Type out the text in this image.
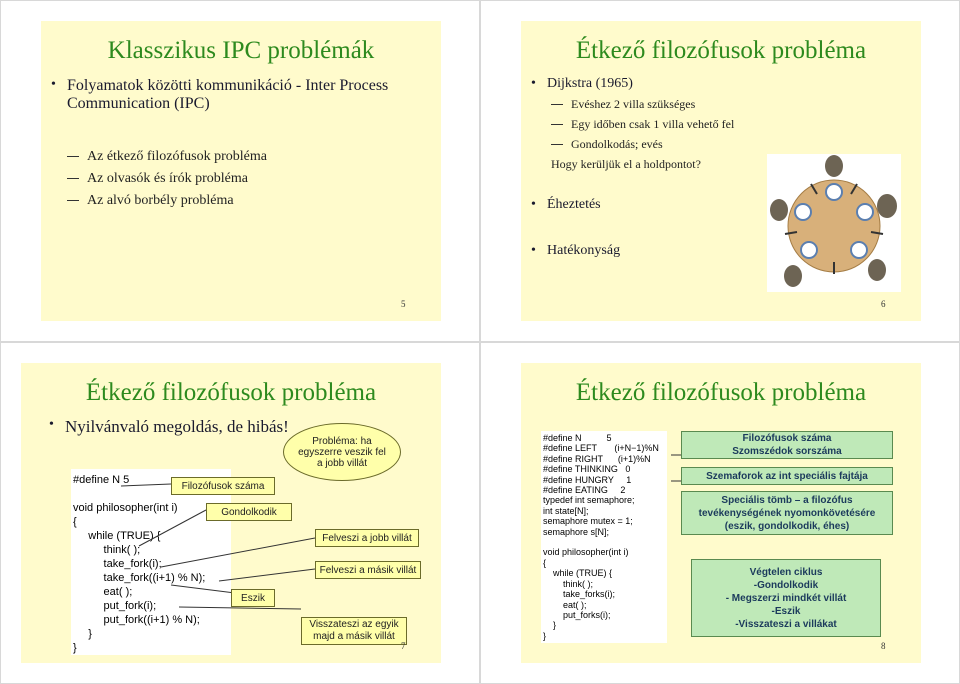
Klasszikus IPC problémák
• Folyamatok közötti kommunikáció - Inter Process Communication (IPC)
Az étkező filozófusok probléma
Az olvasók és írók probléma
Az alvó borbély probléma
5
Étkező filozófusok probléma
• Dijkstra (1965)
Evéshez 2 villa szükséges
Egy időben csak 1 villa vehető fel
Gondolkodás; evés
Hogy kerüljük el a holdpontot?
• Éheztetés
• Hatékonyság
6
Étkező filozófusok probléma
• Nyilvánvaló megoldás, de hibás!
#define N 5

void philosopher(int i)
{
while (TRUE)
think( );
take_fork(i);
take_fork((i+1) % N);
eat( );
put_fork(i);
put_fork((i+1) % N);
}
}
Filozófusok száma
Gondolkodik
Eszik
Probléma: ha egyszerre veszik fel a jobb villát
Felveszi a jobb villát
Felveszi a másik villát
Visszateszi az egyik majd a másik villát
7
Étkező filozófusok probléma
#define N          5
#define LEFT       (i+N−1)%N
#define RIGHT      (i+1)%N
#define THINKING   0
#define HUNGRY     1
#define EATING     2
typedef int semaphore;
int state[N];
semaphore mutex = 1;
semaphore s[N];

void philosopher(int i)
{
while (TRUE) {
think( );
take_forks(i);
eat( );
put_forks(i);
}
}
Filozófusok száma
Szomszédok sorszáma
Szemaforok az int speciális fajtája
Speciális tömb – a filozófus tevékenységének nyomonkövetésére (eszik, gondolkodik, éhes)
Végtelen ciklus
-Gondolkodik
- Megszerzi mindkét villát
-Eszik
-Visszateszi a villákat
8
